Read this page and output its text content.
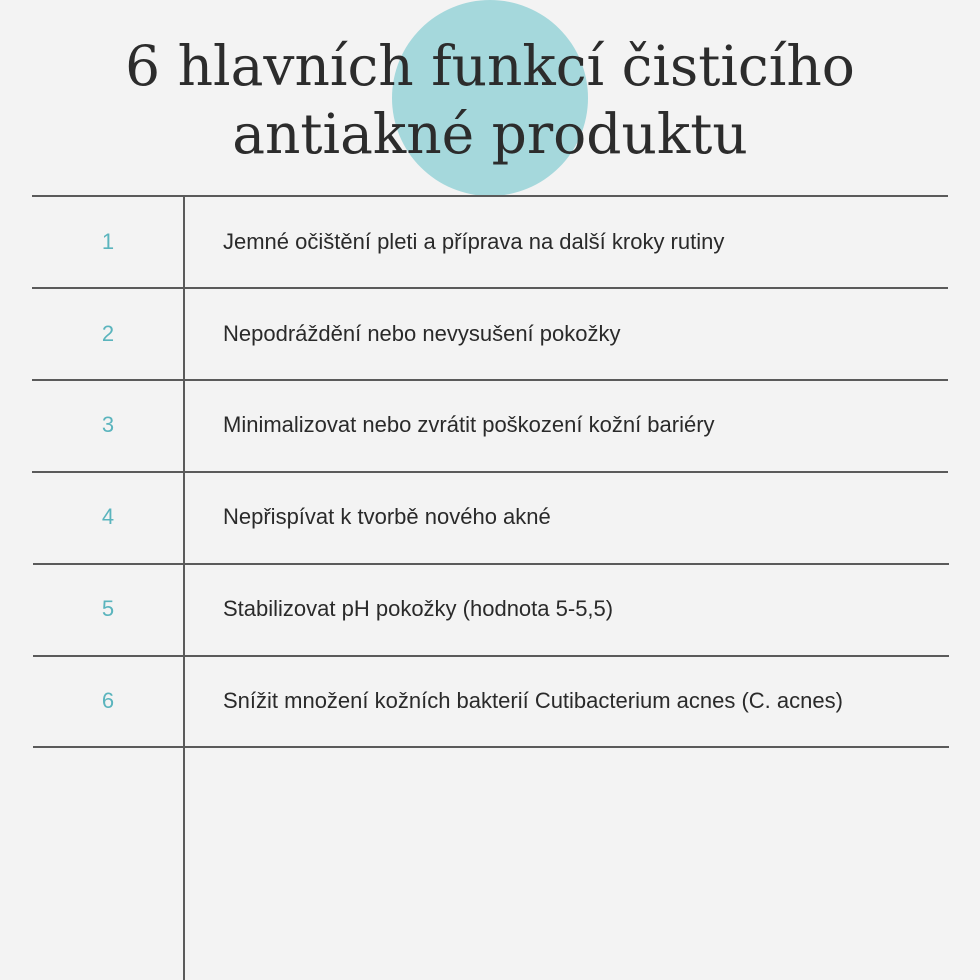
6 hlavních funkcí čisticího
antiakné produktu
1	Jemné očištění pleti a příprava na další kroky rutiny
2	Nepodráždění nebo nevysušení pokožky
3	Minimalizovat nebo zvrátit poškození kožní bariéry
4	Nepřispívat k tvorbě nového akné
5	Stabilizovat pH pokožky (hodnota 5-5,5)
6	Snížit množení kožních bakterií Cutibacterium acnes (C. acnes)
